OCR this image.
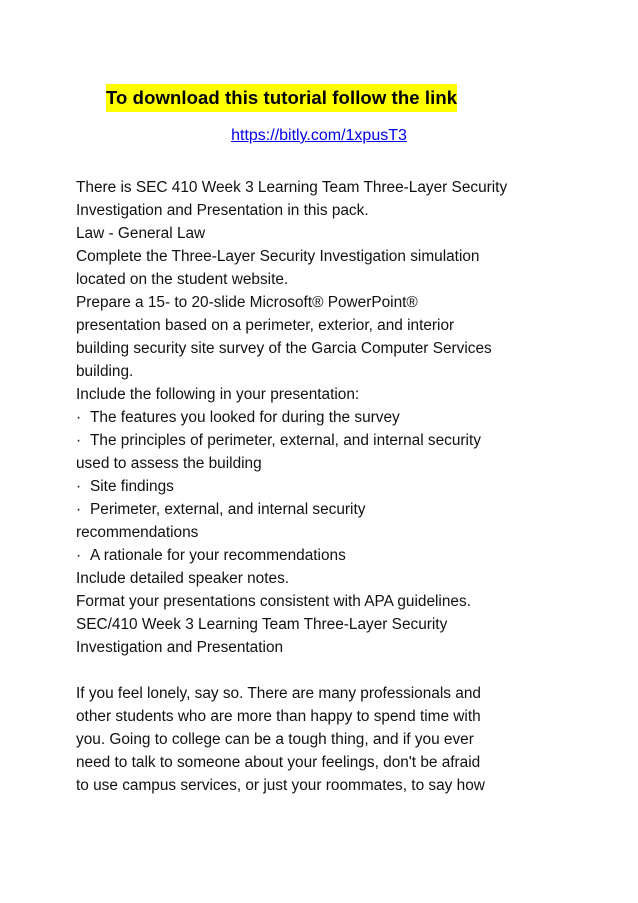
To download this tutorial follow the link
https://bitly.com/1xpusT3
There is SEC 410 Week 3 Learning Team Three-Layer Security
Investigation and Presentation in this pack.
Law - General Law
Complete the Three-Layer Security Investigation simulation
located on the student website.
Prepare a 15- to 20-slide Microsoft® PowerPoint®
presentation based on a perimeter, exterior, and interior
building security site survey of the Garcia Computer Services
building.
Include the following in your presentation:
· The features you looked for during the survey
· The principles of perimeter, external, and internal security
used to assess the building
· Site findings
· Perimeter, external, and internal security
recommendations
· A rationale for your recommendations
Include detailed speaker notes.
Format your presentations consistent with APA guidelines.
SEC/410 Week 3 Learning Team Three-Layer Security
Investigation and Presentation
If you feel lonely, say so. There are many professionals and
other students who are more than happy to spend time with
you. Going to college can be a tough thing, and if you ever
need to talk to someone about your feelings, don't be afraid
to use campus services, or just your roommates, to say how
